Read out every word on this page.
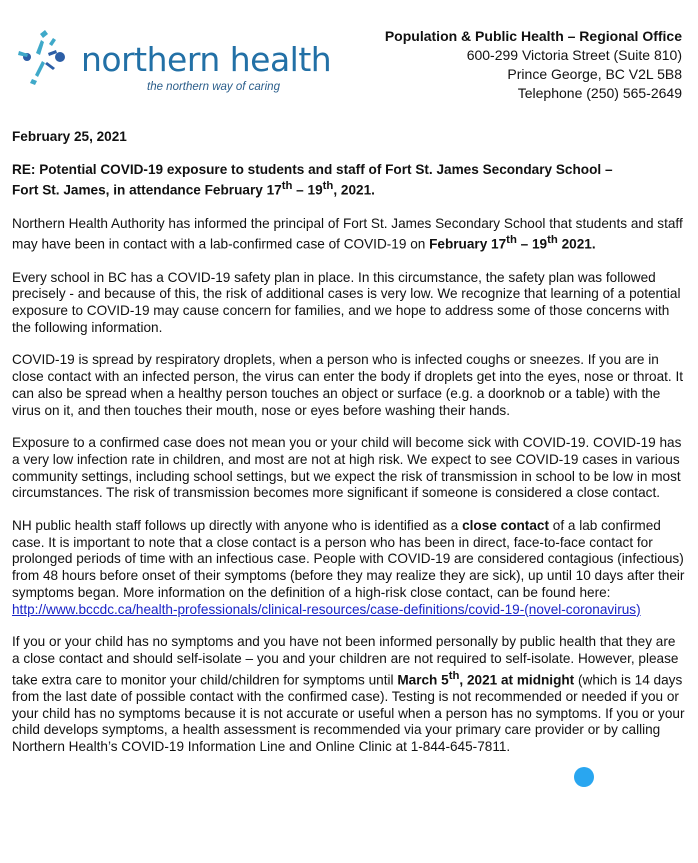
northern health
the northern way of caring
Population & Public Health – Regional Office
600-299 Victoria Street (Suite 810)
Prince George, BC V2L 5B8
Telephone (250) 565-2649

February 25, 2021

RE: Potential COVID-19 exposure to students and staff of Fort St. James Secondary School –
Fort St. James, in attendance February 17th – 19th, 2021.

Northern Health Authority has informed the principal of Fort St. James Secondary School that students and staff may have been in contact with a lab-confirmed case of COVID-19 on February 17th – 19th 2021.

Every school in BC has a COVID-19 safety plan in place. In this circumstance, the safety plan was followed precisely - and because of this, the risk of additional cases is very low. We recognize that learning of a potential exposure to COVID-19 may cause concern for families, and we hope to address some of those concerns with the following information.

COVID-19 is spread by respiratory droplets, when a person who is infected coughs or sneezes. If you are in close contact with an infected person, the virus can enter the body if droplets get into the eyes, nose or throat. It can also be spread when a healthy person touches an object or surface (e.g. a doorknob or a table) with the virus on it, and then touches their mouth, nose or eyes before washing their hands.

Exposure to a confirmed case does not mean you or your child will become sick with COVID-19. COVID-19 has a very low infection rate in children, and most are not at high risk. We expect to see COVID-19 cases in various community settings, including school settings, but we expect the risk of transmission in school to be low in most circumstances. The risk of transmission becomes more significant if someone is considered a close contact.

NH public health staff follows up directly with anyone who is identified as a close contact of a lab confirmed case. It is important to note that a close contact is a person who has been in direct, face-to-face contact for prolonged periods of time with an infectious case. People with COVID-19 are considered contagious (infectious) from 48 hours before onset of their symptoms (before they may realize they are sick), up until 10 days after their symptoms began. More information on the definition of a high-risk close contact, can be found here: http://www.bccdc.ca/health-professionals/clinical-resources/case-definitions/covid-19-(novel-coronavirus)

If you or your child has no symptoms and you have not been informed personally by public health that they are a close contact and should self-isolate – you and your children are not required to self-isolate. However, please take extra care to monitor your child/children for symptoms until March 5th, 2021 at midnight (which is 14 days from the last date of possible contact with the confirmed case). Testing is not recommended or needed if you or your child has no symptoms because it is not accurate or useful when a person has no symptoms. If you or your child develops symptoms, a health assessment is recommended via your primary care provider or by calling Northern Health’s COVID-19 Information Line and Online Clinic at 1-844-645-7811.
